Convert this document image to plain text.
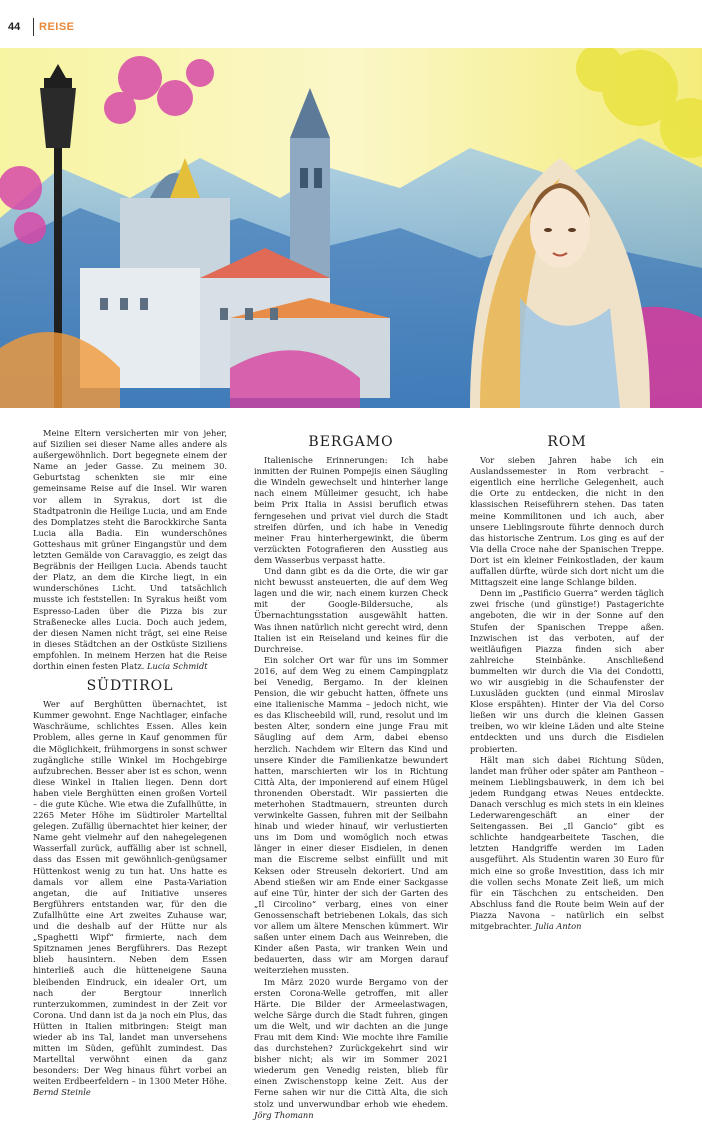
44 REISE

Meine Eltern versicherten mir von jeher, auf Sizilien sei dieser Name alles andere als außergewöhnlich. Dort begegnete einem der Name an jeder Gasse. Zu meinem 30. Geburtstag schenkten sie mir eine gemeinsame Reise auf die Insel. Wir waren vor allem in Syrakus, dort ist die Stadtpatronin die Heilige Lucia, und am Ende des Domplatzes steht die Barockkirche Santa Lucia alla Badia. Ein wunderschönes Gotteshaus mit grüner Eingangstür und dem letzten Gemälde von Caravaggio, es zeigt das Begräbnis der Heiligen Lucia. Abends taucht der Platz, an dem die Kirche liegt, in ein wunderschönes Licht. Und tatsächlich musste ich feststellen: In Syrakus heißt vom Espresso-Laden über die Pizza bis zur Straßenecke alles Lucia. Doch auch jedem, der diesen Namen nicht trägt, sei eine Reise in dieses Städtchen an der Ostküste Siziliens empfohlen. In meinem Herzen hat die Reise dorthin einen festen Platz. Lucia Schmidt

SÜDTIROL

Wer auf Berghütten übernachtet, ist Kummer gewohnt. Enge Nachtlager, einfache Waschräume, schlichtes Essen. Alles kein Problem, alles gerne in Kauf genommen für die Möglichkeit, frühmorgens in sonst schwer zugängliche stille Winkel im Hochgebirge aufzubrechen. Besser aber ist es schon, wenn diese Winkel in Italien liegen. Denn dort haben viele Berghütten einen großen Vorteil – die gute Küche. Wie etwa die Zufallhütte, in 2265 Meter Höhe im Südtiroler Martelltal gelegen. Zufällig übernachtet hier keiner, der Name geht vielmehr auf den nahegelegenen Wasserfall zurück, auffällig aber ist schnell, dass das Essen mit gewöhnlich-genügsamer Hüttenkost wenig zu tun hat. Uns hatte es damals vor allem eine Pasta-Variation angetan, die auf Initiative unseres Bergführers entstanden war, für den die Zufallhütte eine Art zweites Zuhause war, und die deshalb auf der Hütte nur als „Spaghetti Wipf“ firmierte, nach dem Spitznamen jenes Bergführers. Das Rezept blieb hausintern. Neben dem Essen hinterließ auch die hütteneigene Sauna bleibenden Eindruck, ein idealer Ort, um nach der Bergtour innerlich runterzukommen, zumindest in der Zeit vor Corona. Und dann ist da ja noch ein Plus, das Hütten in Italien mitbringen: Steigt man wieder ab ins Tal, landet man unversehens mitten im Süden, gefühlt zumindest. Das Martelltal verwöhnt einen da ganz besonders: Der Weg hinaus führt vorbei an weiten Erdbeerfeldern – in 1300 Meter Höhe. Bernd Steinle

BERGAMO

Italienische Erinnerungen: Ich habe inmitten der Ruinen Pompejis einen Säugling die Windeln gewechselt und hinterher lange nach einem Mülleimer gesucht, ich habe beim Prix Italia in Assisi beruflich etwas ferngesehen und privat viel durch die Stadt streifen dürfen, und ich habe in Venedig meiner Frau hinterhergewinkt, die überm verzückten Fotografieren den Ausstieg aus dem Wasserbus verpasst hatte.

Und dann gibt es da die Orte, die wir gar nicht bewusst ansteuerten, die auf dem Weg lagen und die wir, nach einem kurzen Check mit der Google-Bildersuche, als Übernachtungsstation ausgewählt hatten. Was ihnen natürlich nicht gerecht wird, denn Italien ist ein Reiseland und keines für die Durchreise.

Ein solcher Ort war für uns im Sommer 2016, auf dem Weg zu einem Campingplatz bei Venedig, Bergamo. In der kleinen Pension, die wir gebucht hatten, öffnete uns eine italienische Mamma – jedoch nicht, wie es das Klischeebild will, rund, resolut und im besten Alter, sondern eine junge Frau mit Säugling auf dem Arm, dabei ebenso herzlich. Nachdem wir Eltern das Kind und unsere Kinder die Familienkatze bewundert hatten, marschierten wir los in Richtung Città Alta, der imponierend auf einem Hügel thronenden Oberstadt. Wir passierten die meterhohen Stadtmauern, streunten durch verwinkelte Gassen, fuhren mit der Seilbahn hinab und wieder hinauf, wir verlustierten uns im Dom und womöglich noch etwas länger in einer dieser Eisdielen, in denen man die Eiscreme selbst einfüllt und mit Keksen oder Streuseln dekoriert. Und am Abend stießen wir am Ende einer Sackgasse auf eine Tür, hinter der sich der Garten des „Il Circolino“ verbarg, eines von einer Genossenschaft betriebenen Lokals, das sich vor allem um ältere Menschen kümmert. Wir saßen unter einem Dach aus Weinreben, die Kinder aßen Pasta, wir tranken Wein und bedauerten, dass wir am Morgen darauf weiterziehen mussten.

Im März 2020 wurde Bergamo von der ersten Corona-Welle getroffen, mit aller Härte. Die Bilder der Armeelastwagen, welche Särge durch die Stadt fuhren, gingen um die Welt, und wir dachten an die junge Frau mit dem Kind: Wie mochte ihre Familie das durchstehen? Zurückgekehrt sind wir bisher nicht; als wir im Sommer 2021 wiederum gen Venedig reisten, blieb für einen Zwischenstopp keine Zeit. Aus der Ferne sahen wir nur die Città Alta, die sich stolz und unverwundbar erhob wie ehedem. Jörg Thomann

ROM

Vor sieben Jahren habe ich ein Auslandssemester in Rom verbracht – eigentlich eine herrliche Gelegenheit, auch die Orte zu entdecken, die nicht in den klassischen Reiseführern stehen. Das taten meine Kommilitonen und ich auch, aber unsere Lieblingsroute führte dennoch durch das historische Zentrum. Los ging es auf der Via della Croce nahe der Spanischen Treppe. Dort ist ein kleiner Feinkostladen, der kaum auffallen dürfte, würde sich dort nicht um die Mittagszeit eine lange Schlange bilden.

Denn im „Pastificio Guerra“ werden täglich zwei frische (und günstige!) Pastagerichte angeboten, die wir in der Sonne auf den Stufen der Spanischen Treppe aßen. Inzwischen ist das verboten, auf der weitläufigen Piazza finden sich aber zahlreiche Steinbänke. Anschließend bummelten wir durch die Via dei Condotti, wo wir ausgiebig in die Schaufenster der Luxusläden guckten (und einmal Miroslav Klose erspähten). Hinter der Via del Corso ließen wir uns durch die kleinen Gassen treiben, wo wir kleine Läden und alte Steine entdeckten und uns durch die Eisdielen probierten.

Hält man sich dabei Richtung Süden, landet man früher oder später am Pantheon – meinem Lieblingsbauwerk, in dem ich bei jedem Rundgang etwas Neues entdeckte. Danach verschlug es mich stets in ein kleines Lederwarengeschäft an einer der Seitengassen. Bei „Il Gancio“ gibt es schlichte handgearbeitete Taschen, die letzten Handgriffe werden im Laden ausgeführt. Als Studentin waren 30 Euro für mich eine so große Investition, dass ich mir die vollen sechs Monate Zeit ließ, um mich für ein Täschchen zu entscheiden. Den Abschluss fand die Route beim Wein auf der Piazza Navona – natürlich ein selbst mitgebrachter. Julia Anton
